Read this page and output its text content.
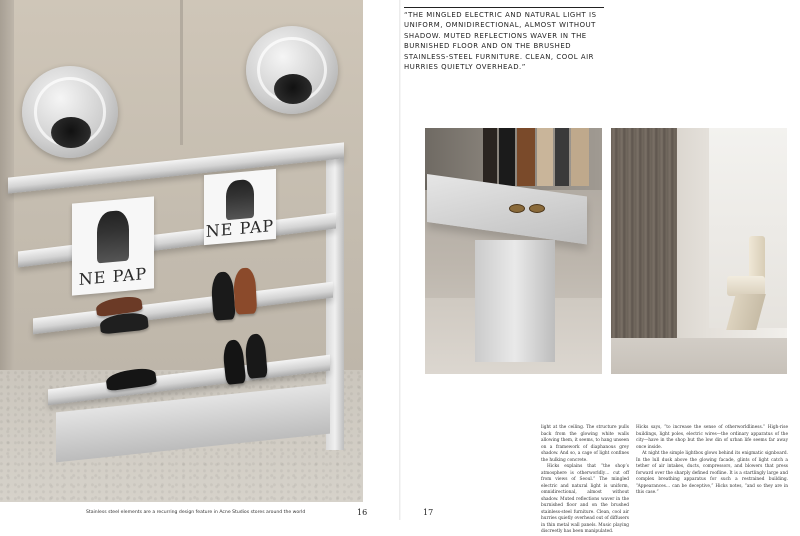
NE PAP
NE PAP
Stainless steel elements are a recurring design feature in Acne Studios stores around the world	16
“THE MINGLED ELECTRIC AND NATURAL LIGHT IS UNIFORM, OMNIDIRECTIONAL, ALMOST WITHOUT SHADOW. MUTED REFLECTIONS WAVER IN THE BURNISHED FLOOR AND ON THE BRUSHED STAINLESS-STEEL FURNITURE. CLEAN, COOL AIR HURRIES QUIETLY OVERHEAD.”

light at the ceiling. The structure pulls back from the glowing white walls allowing them, it seems, to hang unseen on a framework of diaphanous grey shadow. And so, a cage of light confines the hulking concrete.

Hicks explains that “the shop’s atmosphere is otherworldly… cut off from views of Seoul.” The mingled electric and natural light is uniform, omnidirectional, almost without shadow. Muted reflections waver in the burnished floor and on the brushed stainless-steel furniture. Clean, cool air hurries quietly overhead out of diffusers in thin metal wall panels. Music playing discreetly has been manipulated.

Hicks says, “to increase the sense of otherworldliness.” High-rise buildings, light poles, electric wires—the ordinary apparatus of the city—have in the shop but the low din of urban life seems far away once inside.

At night the simple lightbox glows behind its enigmatic signboard. In the lull dusk above the glowing facade, glints of light catch a tether of air intakes, ducts, compressors, and blowers that press forward over the sharply defined roofline. It is a startlingly large and complex breathing apparatus for such a restrained building. “Appearances… can be deceptive,” Hicks notes, “and so they are in this case.”

17
